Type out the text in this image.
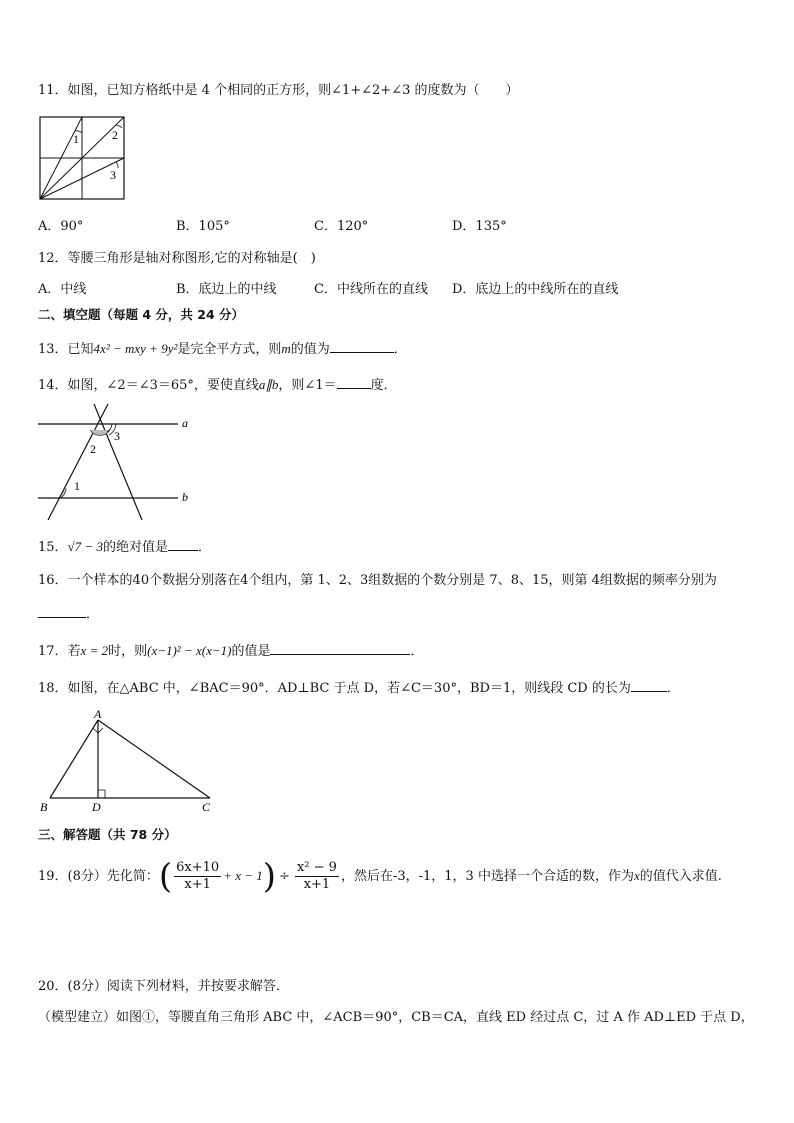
11．如图，已知方格纸中是 4 个相同的正方形，则∠1+∠2+∠3 的度数为（　　）
1	2
3
A．90°	B．105°	C．120°	D．135°
12．等腰三角形是轴对称图形,它的对称轴是(　)
A．中线	B．底边上的中线	C．中线所在的直线 D．底边上的中线所在的直线
二、填空题（每题 4 分，共 24 分）
13．已知4x² − mxy + 9y²是完全平方式，则m的值为	．
14．如图，∠2＝∠3＝65°，要使直线a∥b，则∠1＝	度．
a
b
1
2
3
15．√7 − 3的绝对值是 ．
16．一个样本的40个数据分别落在4个组内，第 1、2、3组数据的个数分别是 7、8、15，则第 4组数据的频率分别为
．
17．若x = 2时，则(x−1)² − x(x−1)的值是	．
18．如图，在△ABC 中，∠BAC＝90°．AD⊥BC 于点 D，若∠C＝30°，BD＝1，则线段 CD 的长为	．
A
B	D	C
三、解答题（共 78 分）
19．(8分）先化简：( $\frac{6x+10}{x+1} + x - 1) \div \frac{\text{x² − 9}}{x+1}$ ，然后在-3，-1，1，3 中选择一个合适的数，作为x的值代入求值.
20．(8分）阅读下列材料，并按要求解答．
（模型建立）如图①，等腰直角三角形 ABC 中，∠ACB＝90°，CB＝CA，直线 ED 经过点 C，过 A 作 AD⊥ED 于点 D，
